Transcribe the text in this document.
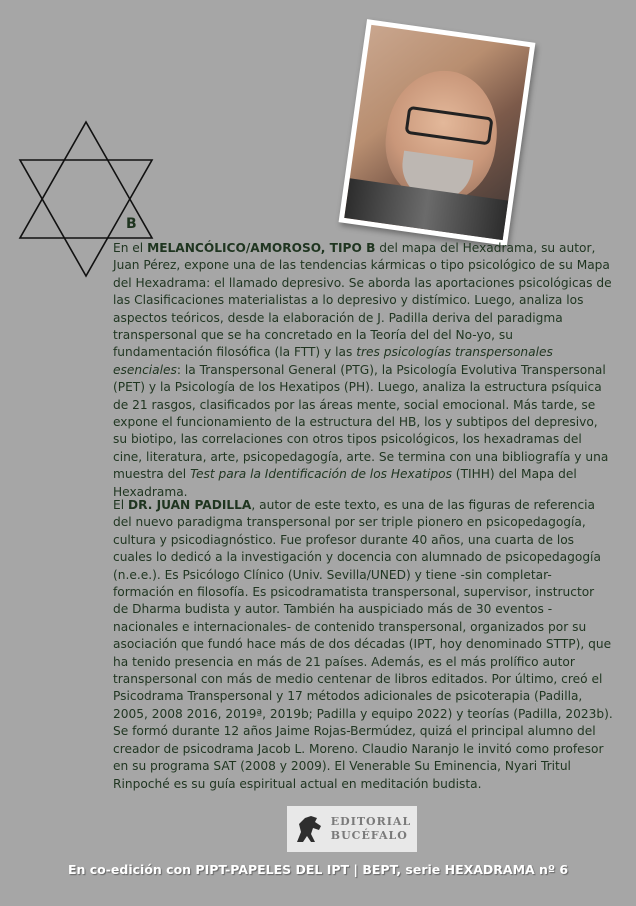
B

En el MELANCÓLICO/AMOROSO, TIPO B del mapa del Hexadrama, su autor, Juan Pérez, expone una de las tendencias kármicas o tipo psicológico de su Mapa del Hexadrama: el llamado depresivo. Se aborda las aportaciones psicológicas de las Clasificaciones materialistas a lo depresivo y distímico. Luego, analiza los aspectos teóricos, desde la elaboración de J. Padilla deriva del paradigma transpersonal que se ha concretado en la Teoría del del No-yo, su fundamentación filosófica (la FTT) y las tres psicologías transpersonales esenciales: la Transpersonal General (PTG), la Psicología Evolutiva Transpersonal (PET) y la Psicología de los Hexatipos (PH). Luego, analiza la estructura psíquica de 21 rasgos, clasificados por las áreas mente, social emocional. Más tarde, se expone el funcionamiento de la estructura del HB, los y subtipos del depresivo, su biotipo, las correlaciones con otros tipos psicológicos, los hexadramas del cine, literatura, arte, psicopedagogía, arte. Se termina con una bibliografía y una muestra del Test para la Identificación de los Hexatipos (TIHH) del Mapa del Hexadrama.

El DR. JUAN PADILLA, autor de este texto, es una de las figuras de referencia del nuevo paradigma transpersonal por ser triple pionero en psicopedagogía, cultura y psicodiagnóstico. Fue profesor durante 40 años, una cuarta de los cuales lo dedicó a la investigación y docencia con alumnado de psicopedagogía (n.e.e.). Es Psicólogo Clínico (Univ. Sevilla/UNED) y tiene -sin completar- formación en filosofía. Es psicodramatista transpersonal, supervisor, instructor de Dharma budista y autor. También ha auspiciado más de 30 eventos -nacionales e internacionales- de contenido transpersonal, organizados por su asociación que fundó hace más de dos décadas (IPT, hoy denominado STTP), que ha tenido presencia en más de 21 países. Además, es el más prolífico autor transpersonal con más de medio centenar de libros editados. Por último, creó el Psicodrama Transpersonal y 17 métodos adicionales de psicoterapia (Padilla, 2005, 2008 2016, 2019ª, 2019b; Padilla y equipo 2022) y teorías (Padilla, 2023b). Se formó durante 12 años Jaime Rojas-Bermúdez, quizá el principal alumno del creador de psicodrama Jacob L. Moreno. Claudio Naranjo le invitó como profesor en su programa SAT (2008 y 2009). El Venerable Su Eminencia, Nyari Tritul Rinpoché es su guía espiritual actual en meditación budista.

EDITORIAL
BUCÉFALO
En co-edición con PIPT-PAPELES DEL IPT | BEPT, serie HEXADRAMA nº 6
